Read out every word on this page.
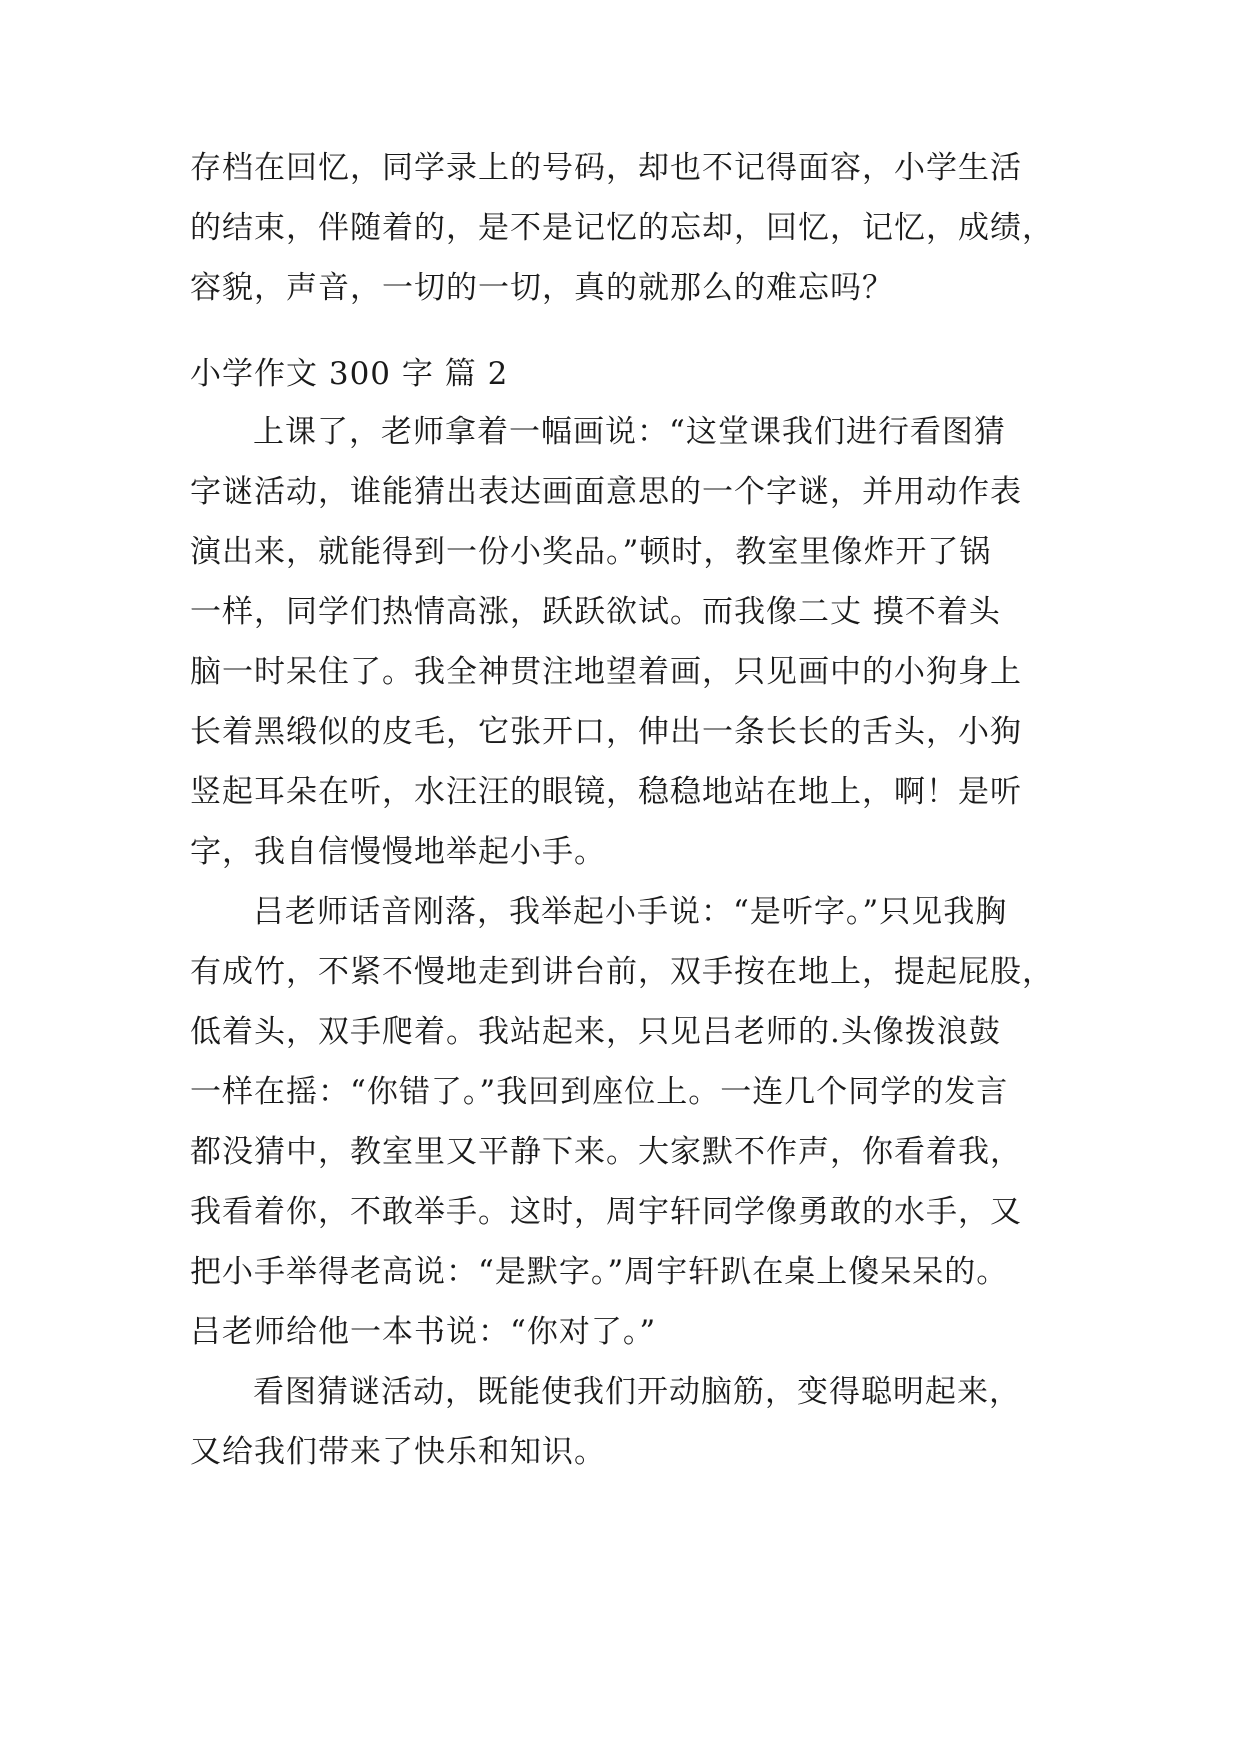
存档在回忆，同学录上的号码，却也不记得面容，小学生活
的结束，伴随着的，是不是记忆的忘却，回忆，记忆，成绩，
容貌，声音，一切的一切，真的就那么的难忘吗？
小学作文 300 字 篇 2
上课了，老师拿着一幅画说：“这堂课我们进行看图猜
字谜活动，谁能猜出表达画面意思的一个字谜，并用动作表
演出来，就能得到一份小奖品。”顿时，教室里像炸开了锅
一样，同学们热情高涨，跃跃欲试。而我像二丈 摸不着头
脑一时呆住了。我全神贯注地望着画，只见画中的小狗身上
长着黑缎似的皮毛，它张开口，伸出一条长长的舌头，小狗
竖起耳朵在听，水汪汪的眼镜，稳稳地站在地上，啊！是听
字，我自信慢慢地举起小手。
吕老师话音刚落，我举起小手说：“是听字。”只见我胸
有成竹，不紧不慢地走到讲台前，双手按在地上，提起屁股，
低着头，双手爬着。我站起来，只见吕老师的.头像拨浪鼓
一样在摇：“你错了。”我回到座位上。一连几个同学的发言
都没猜中，教室里又平静下来。大家默不作声，你看着我，
我看着你，不敢举手。这时，周宇轩同学像勇敢的水手，又
把小手举得老高说：“是默字。”周宇轩趴在桌上傻呆呆的。
吕老师给他一本书说：“你对了。”
看图猜谜活动，既能使我们开动脑筋，变得聪明起来，
又给我们带来了快乐和知识。
